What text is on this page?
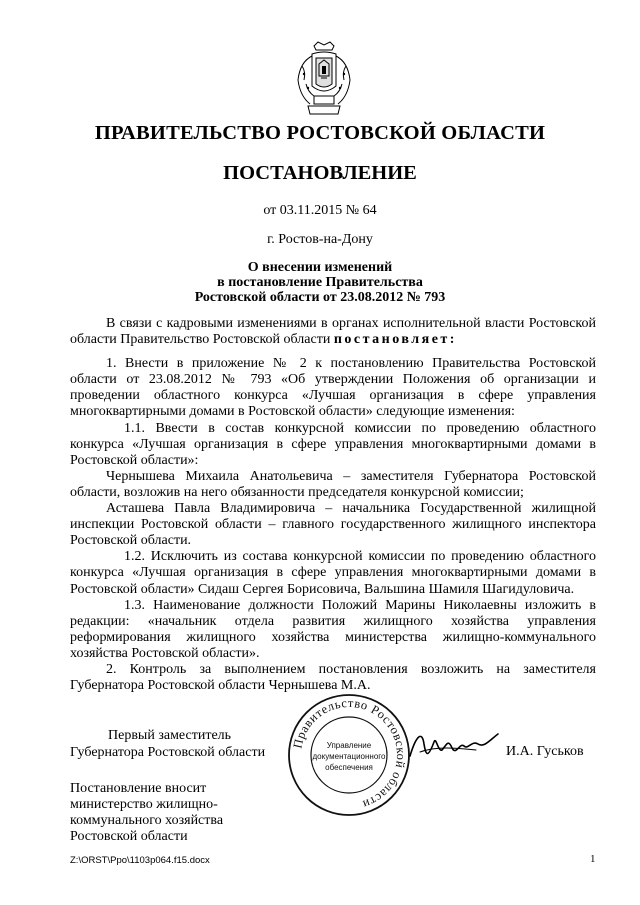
ПРАВИТЕЛЬСТВО РОСТОВСКОЙ ОБЛАСТИ
ПОСТАНОВЛЕНИЕ
от 03.11.2015 № 64
г. Ростов-на-Дону
О внесении изменений
в постановление Правительства
Ростовской области от 23.08.2012 № 793

В связи с кадровыми изменениями в органах исполнительной власти Ростовской области Правительство Ростовской области постановляет:

1. Внести в приложение № 2 к постановлению Правительства Ростовской области от 23.08.2012 № 793 «Об утверждении Положения об организации и проведении областного конкурса «Лучшая организация в сфере управления многоквартирными домами в Ростовской области» следующие изменения:

1.1. Ввести в состав конкурсной комиссии по проведению областного конкурса «Лучшая организация в сфере управления многоквартирными домами в Ростовской области»:

Чернышева Михаила Анатольевича – заместителя Губернатора Ростовской области, возложив на него обязанности председателя конкурсной комиссии;

Асташева Павла Владимировича – начальника Государственной жилищной инспекции Ростовской области – главного государственного жилищного инспектора Ростовской области.

1.2. Исключить из состава конкурсной комиссии по проведению областного конкурса «Лучшая организация в сфере управления многоквартирными домами в Ростовской области» Сидаш Сергея Борисовича, Вальшина Шамиля Шагидуловича.

1.3. Наименование должности Положий Марины Николаевны изложить в редакции: «начальник отдела развития жилищного хозяйства управления реформирования жилищного хозяйства министерства жилищно-коммунального хозяйства Ростовской области».

2. Контроль за выполнением постановления возложить на заместителя Губернатора Ростовской области Чернышева М.А.

Правительство Ростовской области
Управление
документационного
обеспечения
Первый заместитель
Губернатора Ростовской области	И.А. Гуськов
Постановление вносит
министерство жилищно-
коммунального хозяйства
Ростовской области
Z:\ORST\Ppo\1103p064.f15.docx	1
